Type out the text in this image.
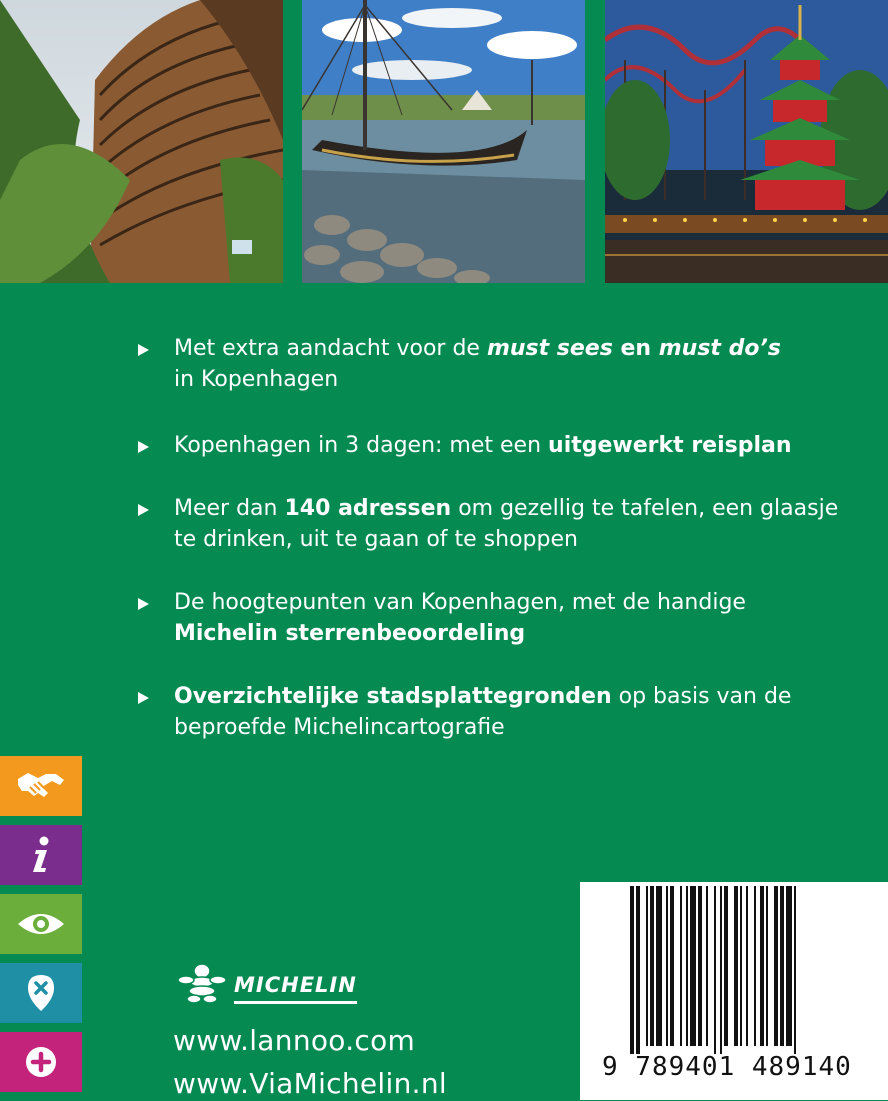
Met extra aandacht voor de must sees en must do’s
in Kopenhagen
Kopenhagen in 3 dagen: met een uitgewerkt reisplan
Meer dan 140 adressen om gezellig te tafelen, een glaasje te drinken, uit te gaan of te shoppen
De hoogtepunten van Kopenhagen, met de handige
Michelin sterrenbeoordeling
Overzichtelijke stadsplattegronden op basis van de beproefde Michelincartografie
MICHELIN
www.lannoo.com
www.ViaMichelin.nl	9 789401 489140
